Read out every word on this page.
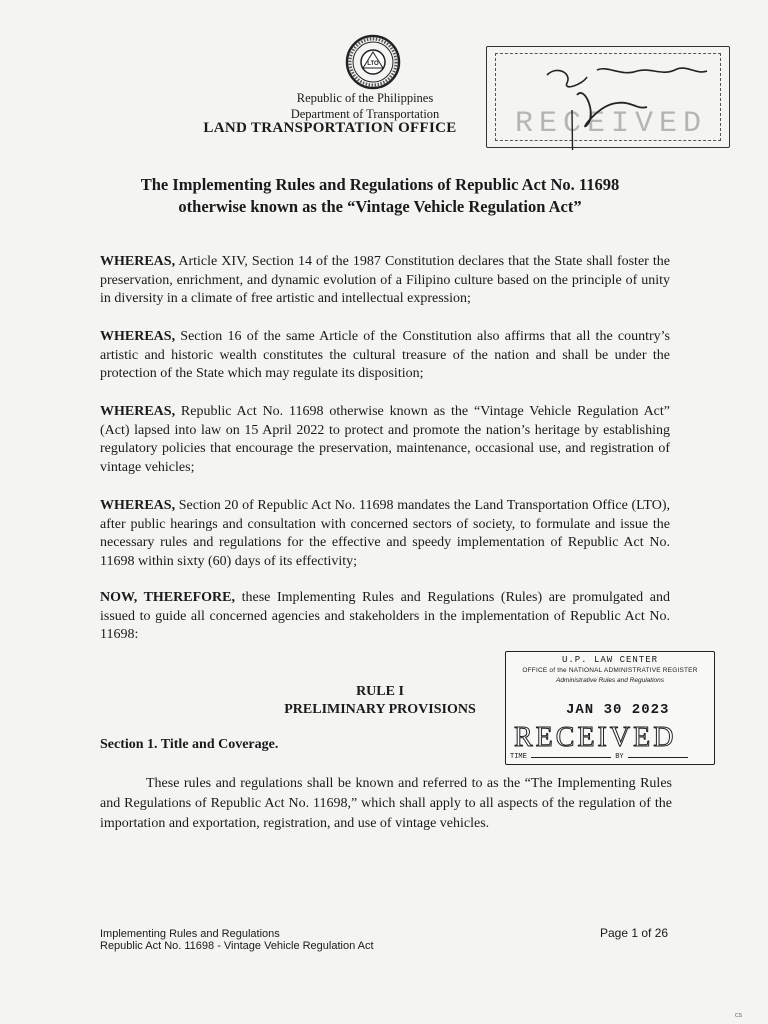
LTO
Republic of the Philippines
Department of Transportation
LAND TRANSPORTATION OFFICE	RECEIVED
The Implementing Rules and Regulations of Republic Act No. 11698
otherwise known as the “Vintage Vehicle Regulation Act”

WHEREAS, Article XIV, Section 14 of the 1987 Constitution declares that the State shall foster the preservation, enrichment, and dynamic evolution of a Filipino culture based on the principle of unity in diversity in a climate of free artistic and intellectual expression;

WHEREAS, Section 16 of the same Article of the Constitution also affirms that all the country’s artistic and historic wealth constitutes the cultural treasure of the nation and shall be under the protection of the State which may regulate its disposition;

WHEREAS, Republic Act No. 11698 otherwise known as the “Vintage Vehicle Regulation Act” (Act) lapsed into law on 15 April 2022 to protect and promote the nation’s heritage by establishing regulatory policies that encourage the preservation, maintenance, occasional use, and registration of vintage vehicles;

WHEREAS, Section 20 of Republic Act No. 11698 mandates the Land Transportation Office (LTO), after public hearings and consultation with concerned sectors of society, to formulate and issue the necessary rules and regulations for the effective and speedy implementation of Republic Act No. 11698 within sixty (60) days of its effectivity;

NOW, THEREFORE, these Implementing Rules and Regulations (Rules) are promulgated and issued to guide all concerned agencies and stakeholders in the implementation of Republic Act No. 11698:

U.P. LAW CENTER
OFFICE of the NATIONAL ADMINISTRATIVE REGISTER
Administrative Rules and Regulations
JAN 30 2023
RECEIVED
TIME	BY
RULE I
PRELIMINARY PROVISIONS
Section 1. Title and Coverage.

These rules and regulations shall be known and referred to as the “The Implementing Rules and Regulations of Republic Act No. 11698,” which shall apply to all aspects of the regulation of the importation and exportation, registration, and use of vintage vehicles.

Implementing Rules and Regulations
Republic Act No. 11698 - Vintage Vehicle Regulation Act
Page 1 of 26
CS
